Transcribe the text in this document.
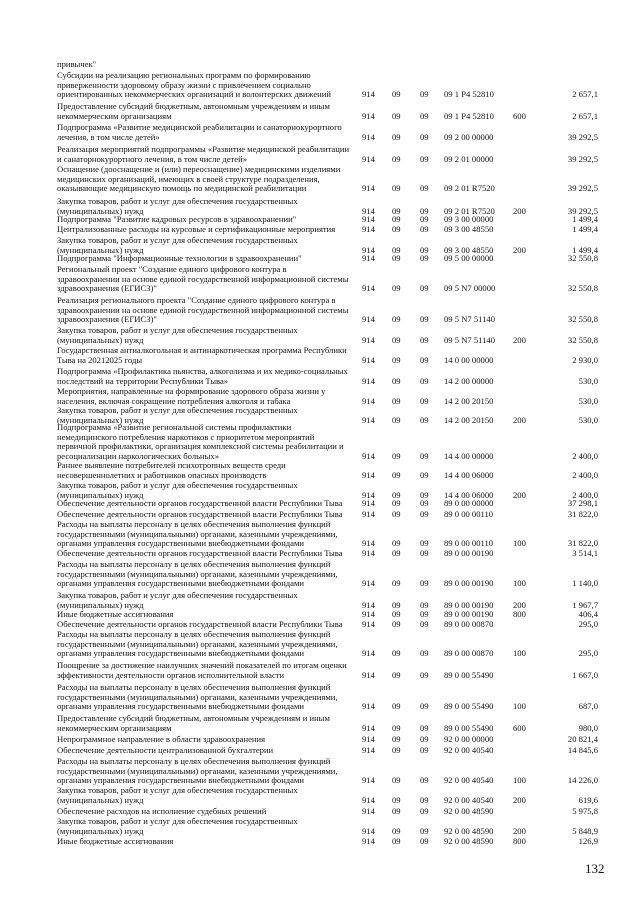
привычек"
Субсидии на реализацию региональных программ по формированию
приверженности здоровому образу жизни с привлечением социально
ориентированных некоммерческих организаций и волонтерских движений	914 09 09 09 1 P4 52810	2 657,1
Предоставление субсидий бюджетным, автономным учреждениям и иным
некоммерческим организациям	914 09 09 09 1 P4 52810 600	2 657,1
Подпрограмма «Развитие медицинской реабилитации и санаторнокурортного
лечения, в том числе детей»	914 09 09 09 2 00 00000	39 292,5
Реализация мероприятий подпрограммы «Развитие медицинской реабилитации
и санаторнокурортного лечения, в том числе детей»	914 09 09 09 2 01 00000	39 292,5
Оснащение (дооснащение и (или) переоснащение) медицинскими изделиями
медицинских организаций, имеющих в своей структуре подразделения,
оказывающие медицинскую помощь по медицинской реабилитации	914 09 09 09 2 01 R7520	39 292,5
Закупка товаров, работ и услуг для обеспечения государственных
(муниципальных) нужд	914 09 09 09 2 01 R7520 200	39 292,5
Подпрограмма "Развитие кадровых ресурсов в здравоохранении"	914 09 09 09 3 00 00000	1 499,4
Централизованные расходы на курсовые и сертификационные мероприятия	914 09 09 09 3 00 48550	1 499,4
Закупка товаров, работ и услуг для обеспечения государственных
(муниципальных) нужд	914 09 09 09 3 00 48550 200	1 499,4
Подпрограмма "Информационные технологии в здравоохранении"	914 09 09 09 5 00 00000	32 550,8
Региональный проект "Создание единого цифрового контура в
здравоохранении на основе единой государственной информационной системы
здравоохранения (ЕГИСЗ)"	914 09 09 09 5 N7 00000	32 550,8
Реализация регионального проекта "Создание единого цифрового контура в
здравоохранении на основе единой государственной информационной системы
здравоохранения (ЕГИСЗ)"	914 09 09 09 5 N7 51140	32 550,8
Закупка товаров, работ и услуг для обеспечения государственных
(муниципальных) нужд	914 09 09 09 5 N7 51140 200	32 550,8
Государственная антиалкогольная и антинаркотическая программа Республики
Тыва на 20212025 годы	914 09 09 14 0 00 00000	2 930,0
Подпрограмма «Профилактика пьянства, алкоголизма и их медико-социальных
последствий на территории Республики Тыва»	914 09 09 14 2 00 00000	530,0
Мероприятия, направленные на формирование здорового образа жизни у
населения, включая сокращение потребления алкоголя и табака	914 09 09 14 2 00 20150	530,0
Закупка товаров, работ и услуг для обеспечения государственных
(муниципальных) нужд	914 09 09 14 2 00 20150 200	530,0
Подпрограмма «Развитие региональной системы профилактики
немедицинского потребления наркотиков с приоритетом мероприятий
первичной профилактики, организация комплексной системы реабилитации и
ресоциализации наркологических больных»	914 09 09 14 4 00 00000	2 400,0
Раннее выявление потребителей психотропных веществ среди
несовершеннолетних и работников опасных производств	914 09 09 14 4 00 06000	2 400,0
Закупка товаров, работ и услуг для обеспечения государственных
(муниципальных) нужд	914 09 09 14 4 00 06000 200	2 400,0
Обеспечение деятельности органов государственной власти Республики Тыва	914 09 09 89 0 00 00000	37 298,1
Обеспечение деятельности органов государственной власти Республики Тыва	914 09 09 89 0 00 00110	31 822,0
Расходы на выплаты персоналу в целях обеспечения выполнения функций
государственными (муниципальными) органами, казенными учреждениями,
органами управления государственными внебюджетными фондами	914 09 09 89 0 00 00110 100	31 822,0
Обеспечение деятельности органов государственной власти Республики Тыва	914 09 09 89 0 00 00190	3 514,1
Расходы на выплаты персоналу в целях обеспечения выполнения функций
государственными (муниципальными) органами, казенными учреждениями,
органами управления государственными внебюджетными фондами	914 09 09 89 0 00 00190 100	1 140,0
Закупка товаров, работ и услуг для обеспечения государственных
(муниципальных) нужд	914 09 09 89 0 00 00190 200	1 967,7
Иные бюджетные ассигнования	914 09 09 89 0 00 00190 800	406,4
Обеспечение деятельности органов государственной власти Республики Тыва	914 09 09 89 0 00 00870	295,0
Расходы на выплаты персоналу в целях обеспечения выполнения функций
государственными (муниципальными) органами, казенными учреждениями,
органами управления государственными внебюджетными фондами	914 09 09 89 0 00 00870 100	295,0
Поощрение за достижение наилучших значений показателей по итогам оценки
эффективности деятельности органов исполнительной власти	914 09 09 89 0 00 55490	1 667,0
Расходы на выплаты персоналу в целях обеспечения выполнения функций
государственными (муниципальными) органами, казенными учреждениями,
органами управления государственными внебюджетными фондами	914 09 09 89 0 00 55490 100	687,0
Предоставление субсидий бюджетным, автономным учреждениям и иным
некоммерческим организациям	914 09 09 89 0 00 55490 600	980,0
Непрограммное направление в области здравоохранения	914 09 09 92 0 00 00000	20 821,4
Обеспечение деятельности централизованной бухгалтерии	914 09 09 92 0 00 40540	14 845,6
Расходы на выплаты персоналу в целях обеспечения выполнения функций
государственными (муниципальными) органами, казенными учреждениями,
органами управления государственными внебюджетными фондами	914 09 09 92 0 00 40540 100	14 226,0
Закупка товаров, работ и услуг для обеспечения государственных
(муниципальных) нужд	914 09 09 92 0 00 40540 200	619,6
Обеспечение расходов на исполнение судебных решений	914 09 09 92 0 00 48590	5 975,8
Закупка товаров, работ и услуг для обеспечения государственных
(муниципальных) нужд	914 09 09 92 0 00 48590 200	5 848,9
Иные бюджетные ассигнования	914 09 09 92 0 00 48590 800	126,9
132
